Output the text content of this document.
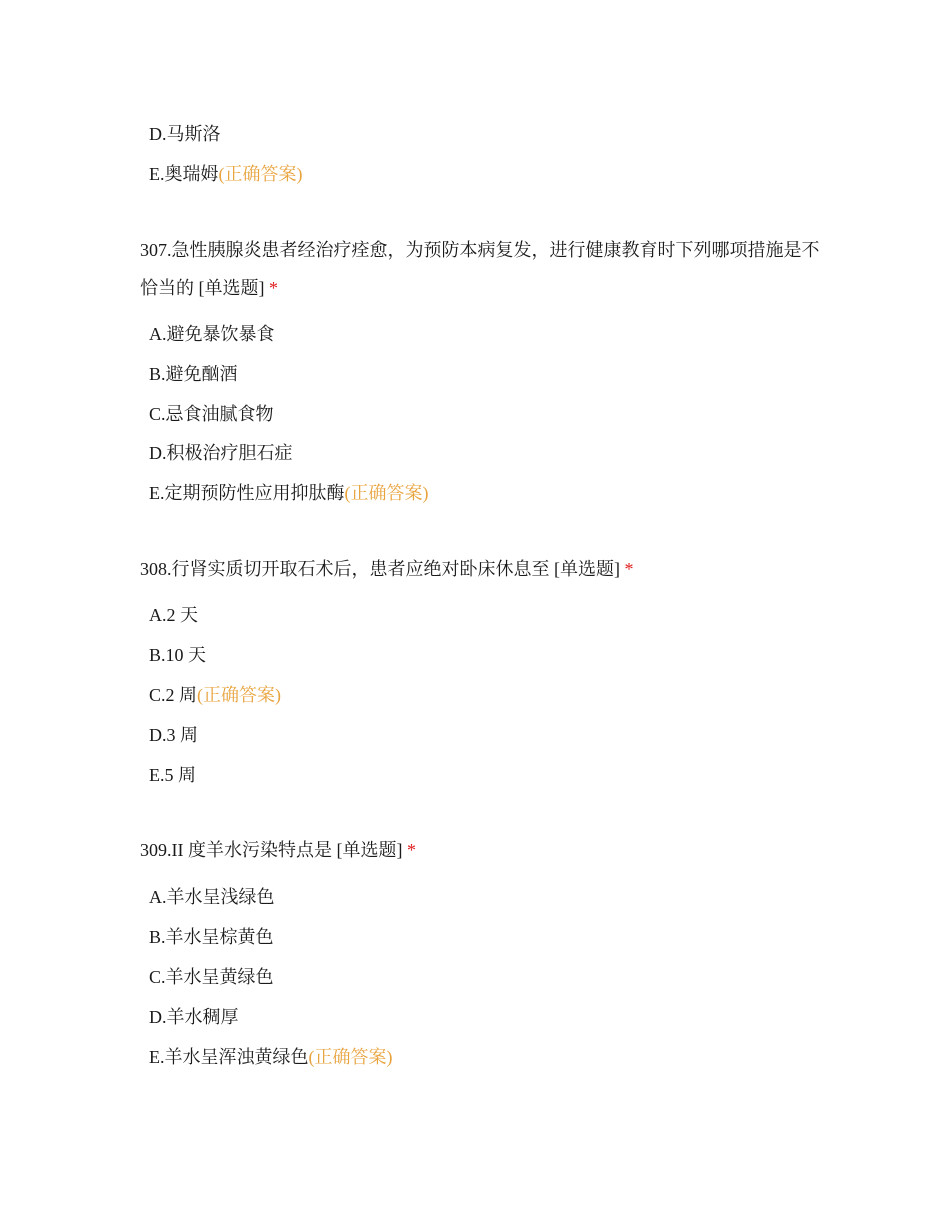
D.马斯洛
E.奥瑞姆(正确答案)
307.急性胰腺炎患者经治疗痊愈，为预防本病复发，进行健康教育时下列哪项措施是不恰当的 [单选题] *
A.避免暴饮暴食
B.避免酗酒
C.忌食油腻食物
D.积极治疗胆石症
E.定期预防性应用抑肽酶(正确答案)
308.行肾实质切开取石术后，患者应绝对卧床休息至 [单选题] *
A.2 天
B.10 天
C.2 周(正确答案)
D.3 周
E.5 周
309.II 度羊水污染特点是 [单选题] *
A.羊水呈浅绿色
B.羊水呈棕黄色
C.羊水呈黄绿色
D.羊水稠厚
E.羊水呈浑浊黄绿色(正确答案)
